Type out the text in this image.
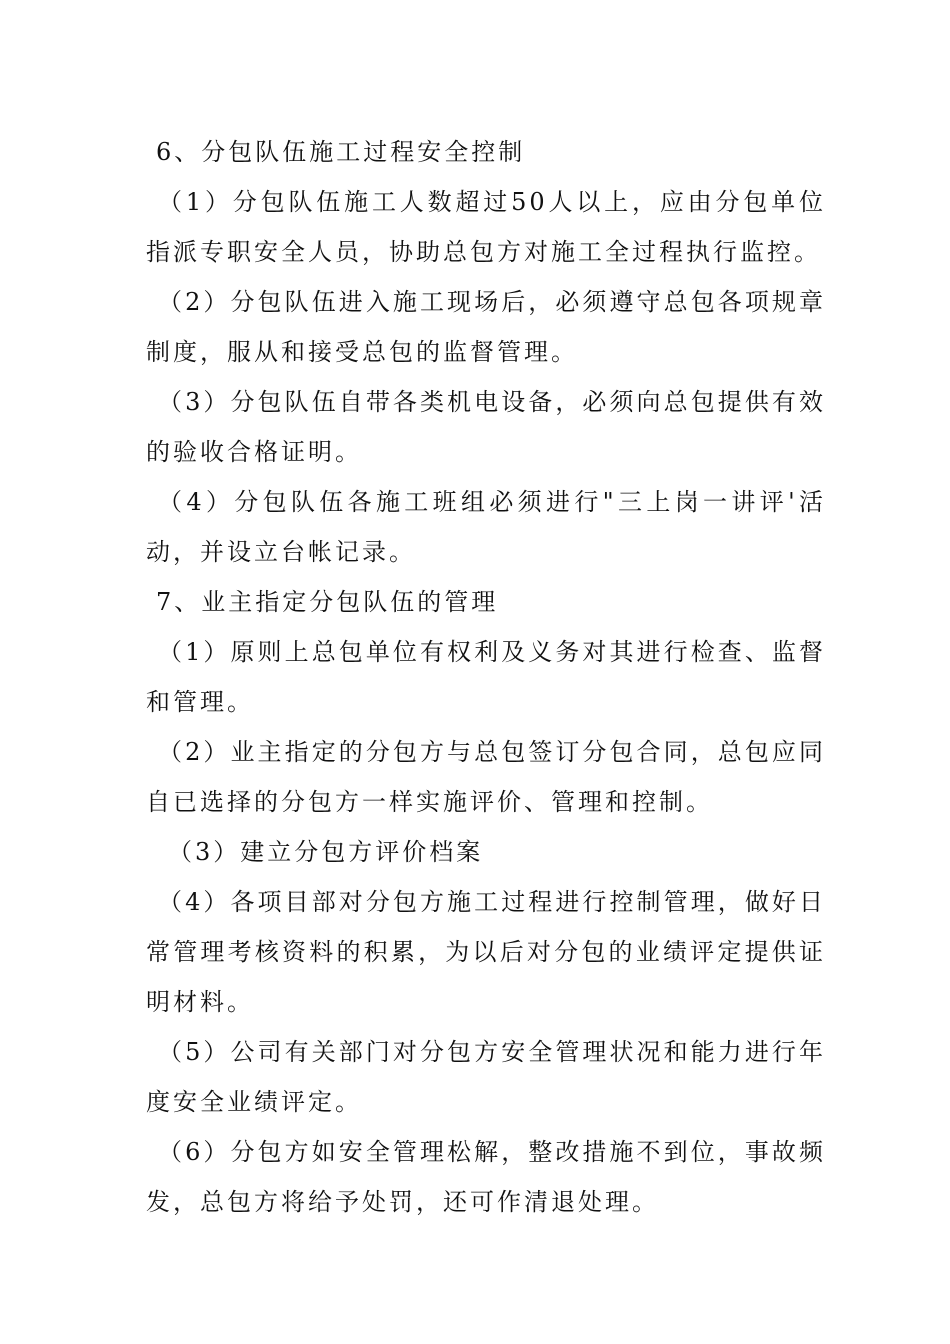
6、分包队伍施工过程安全控制

（1）分包队伍施工人数超过50人以上，应由分包单位指派专职安全人员，协助总包方对施工全过程执行监控。

（2）分包队伍进入施工现场后，必须遵守总包各项规章制度，服从和接受总包的监督管理。

（3）分包队伍自带各类机电设备，必须向总包提供有效的验收合格证明。

（4）分包队伍各施工班组必须进行"三上岗一讲评'活动，并设立台帐记录。

7、业主指定分包队伍的管理

（1）原则上总包单位有权利及义务对其进行检查、监督和管理。

（2）业主指定的分包方与总包签订分包合同，总包应同自已选择的分包方一样实施评价、管理和控制。

（3）建立分包方评价档案

（4）各项目部对分包方施工过程进行控制管理，做好日常管理考核资料的积累，为以后对分包的业绩评定提供证明材料。

（5）公司有关部门对分包方安全管理状况和能力进行年度安全业绩评定。

（6）分包方如安全管理松解，整改措施不到位，事故频发，总包方将给予处罚，还可作清退处理。
